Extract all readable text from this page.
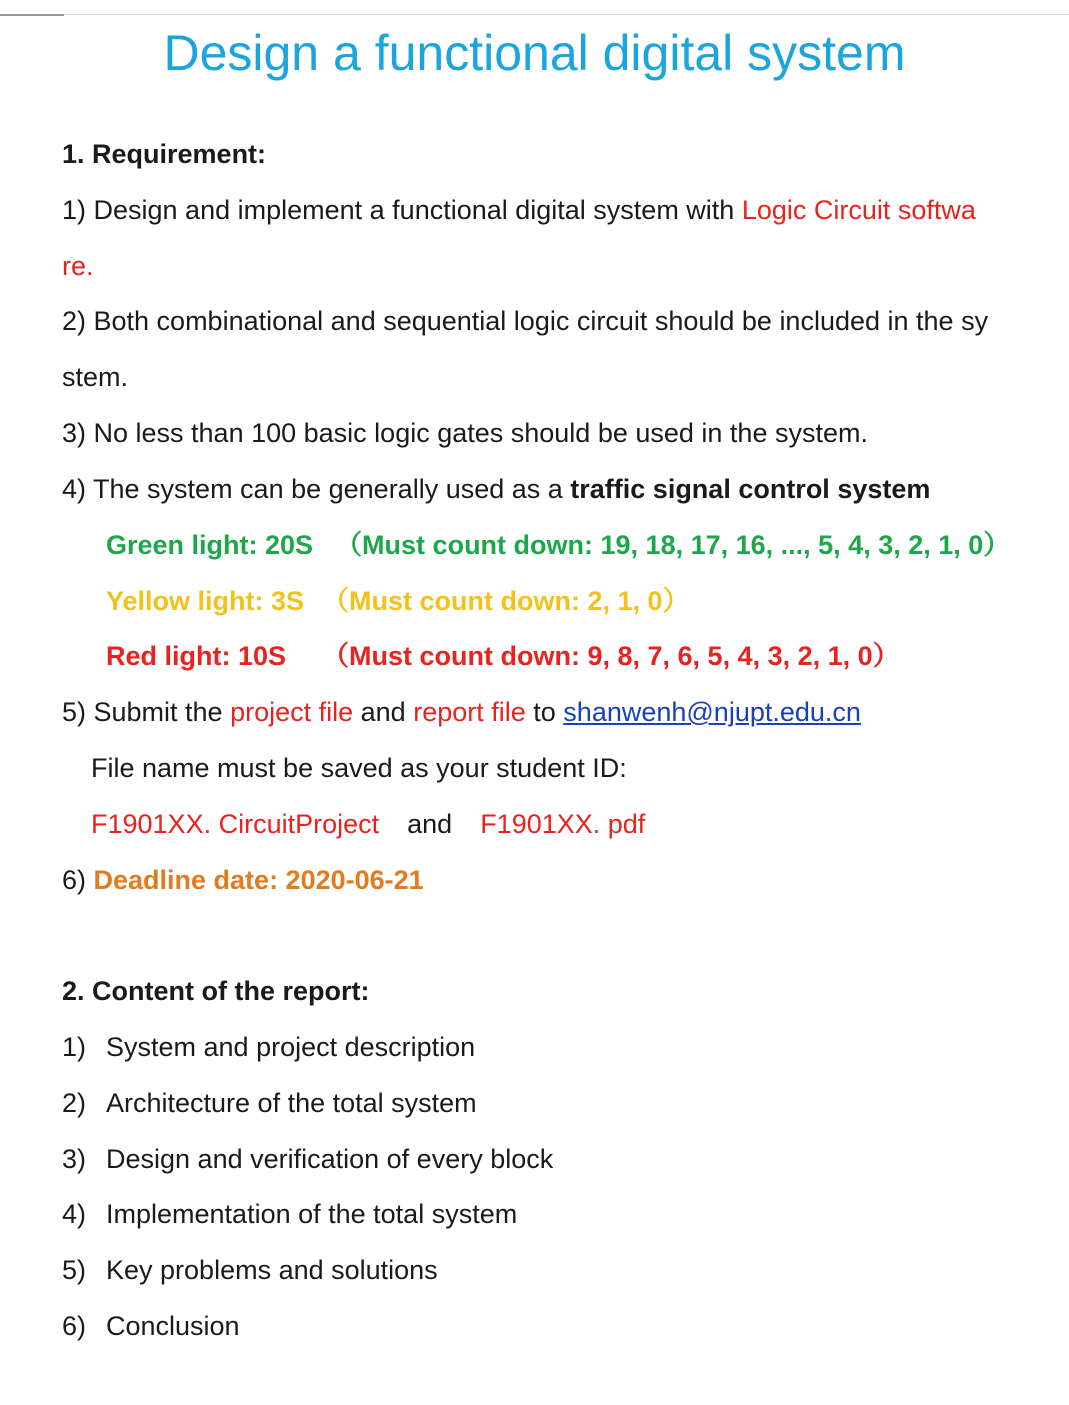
Design a functional digital system
1. Requirement:
1) Design and implement a functional digital system with Logic Circuit softwa
re.
2) Both combinational and sequential logic circuit should be included in the sy
stem.
3) No less than 100 basic logic gates should be used in the system.
4) The system can be generally used as a traffic signal control system
Green light: 20S （Must count down: 19, 18, 17, 16, ..., 5, 4, 3, 2, 1, 0）
Yellow light: 3S （Must count down: 2, 1, 0）
Red light: 10S （Must count down: 9, 8, 7, 6, 5, 4, 3, 2, 1, 0）
5) Submit the project file and report file to shanwenh@njupt.edu.cn
File name must be saved as your student ID:
F1901XX. CircuitProject and F1901XX. pdf
6) Deadline date: 2020-06-21
2. Content of the report:
1) System and project description
2) Architecture of the total system
3) Design and verification of every block
4) Implementation of the total system
5) Key problems and solutions
6) Conclusion
